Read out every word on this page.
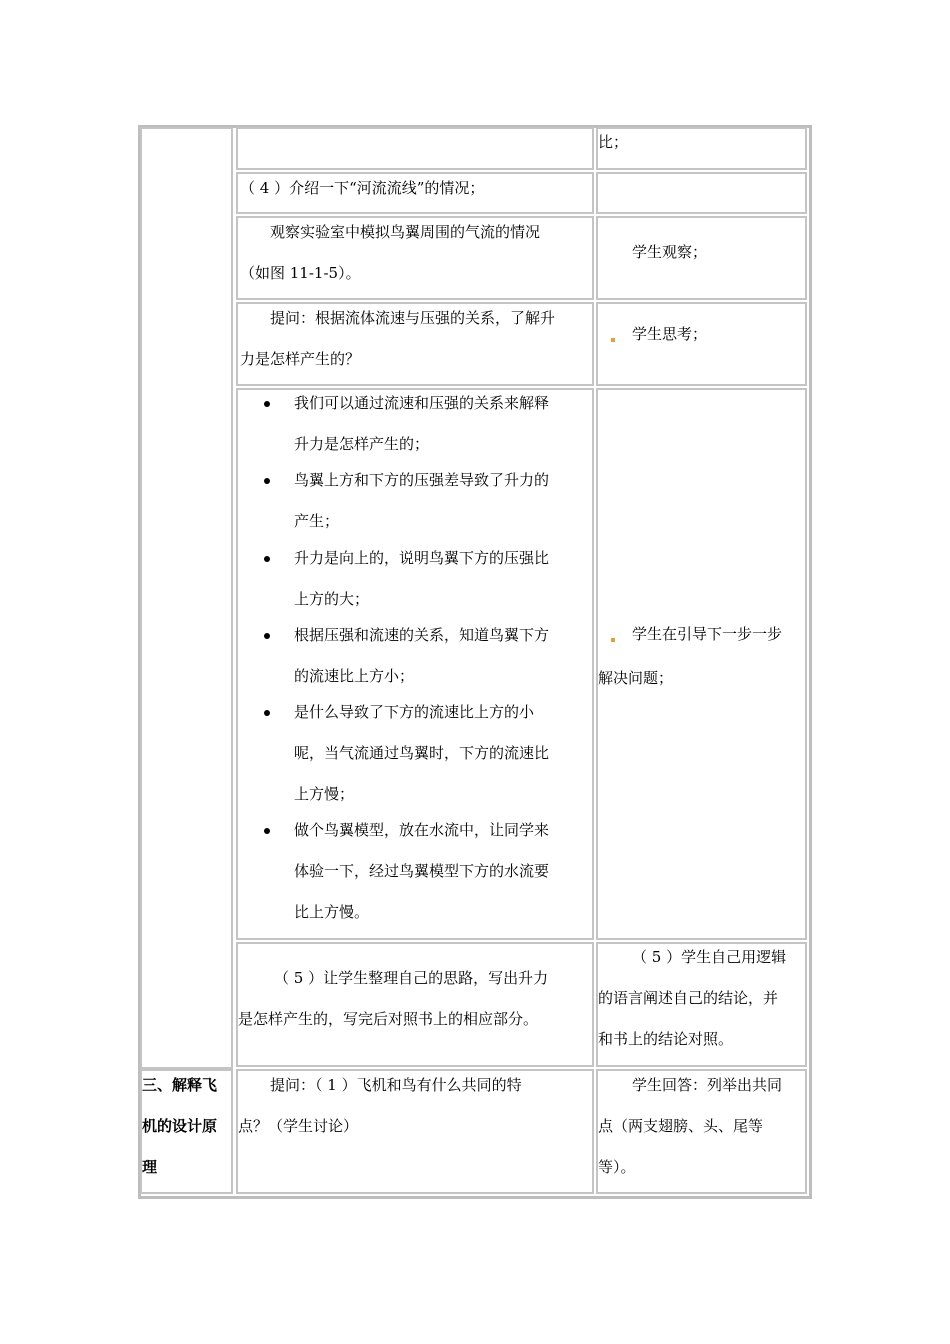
比；
（ 4 ）介绍一下“河流流线”的情况；
观察实验室中模拟鸟翼周围的气流的情况
（如图 11-1-5）。
学生观察；
提问：根据流体流速与压强的关系，了解升
力是怎样产生的？
学生思考；
我们可以通过流速和压强的关系来解释
升力是怎样产生的；
鸟翼上方和下方的压强差导致了升力的
产生；
升力是向上的，说明鸟翼下方的压强比
上方的大；
根据压强和流速的关系，知道鸟翼下方
的流速比上方小；
是什么导致了下方的流速比上方的小
呢，当气流通过鸟翼时，下方的流速比
上方慢；
做个鸟翼模型，放在水流中，让同学来
体验一下，经过鸟翼模型下方的水流要
比上方慢。
学生在引导下一步一步
解决问题；
（ 5 ）让学生整理自己的思路，写出升力
是怎样产生的，写完后对照书上的相应部分。
（ 5 ）学生自己用逻辑
的语言阐述自己的结论，并
和书上的结论对照。
三、解释飞
机的设计原
理
提问：（ 1 ）飞机和鸟有什么共同的特
点？（学生讨论）
学生回答：列举出共同
点（两支翅膀、头、尾等
等）。
